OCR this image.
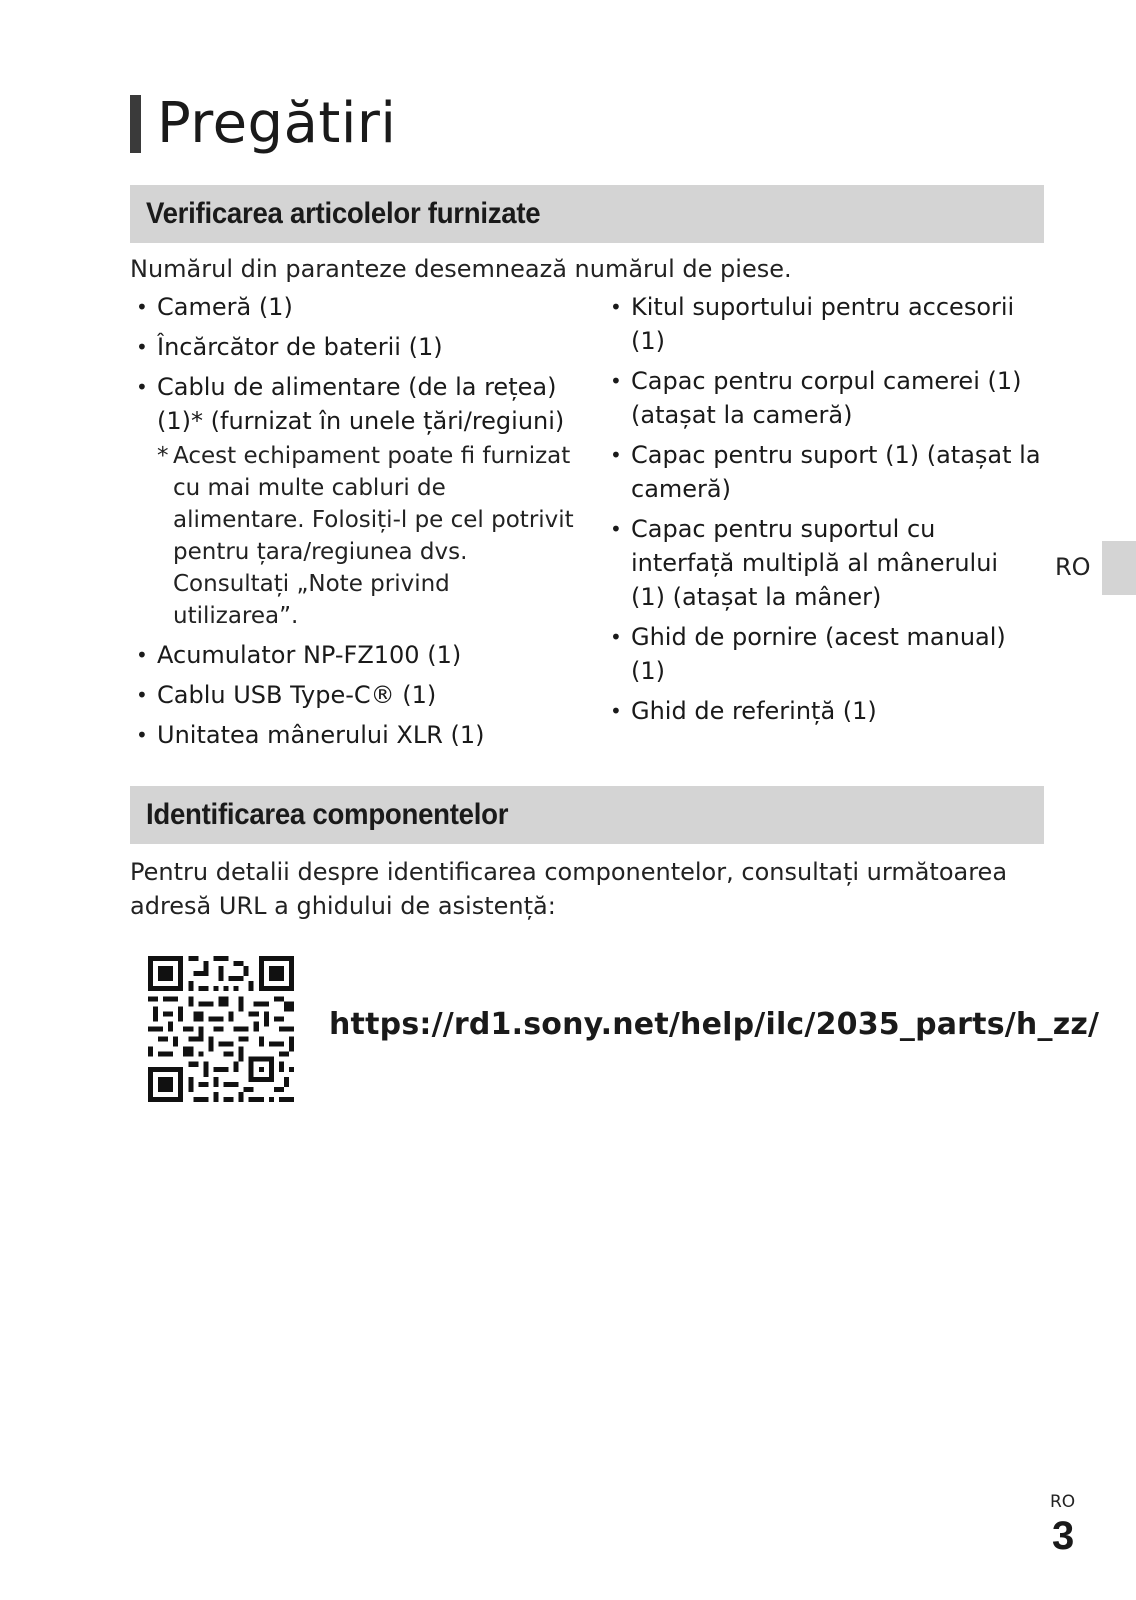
Pregătiri
Verificarea articolelor furnizate

Numărul din paranteze desemnează numărul de piese.

• Cameră (1)
• Încărcător de baterii (1)
• Cablu de alimentare (de la rețea) (1)* (furnizat în unele țări/regiuni)
* Acest echipament poate fi furnizat cu mai multe cabluri de alimentare. Folosiți-l pe cel potrivit pentru țara/regiunea dvs. Consultați „Note privind utilizarea”.
• Acumulator NP-FZ100 (1)
• Cablu USB Type-C® (1)
• Unitatea mânerului XLR (1)
• Kitul suportului pentru accesorii (1)
• Capac pentru corpul camerei (1) (atașat la cameră)
• Capac pentru suport (1) (atașat la cameră)
• Capac pentru suportul cu interfață multiplă al mânerului (1) (atașat la mâner)
• Ghid de pornire (acest manual) (1)
• Ghid de referință (1)
RO
Identificarea componentelor

Pentru detalii despre identificarea componentelor, consultați următoarea adresă URL a ghidului de asistență:

https://rd1.sony.net/help/ilc/2035_parts/h_zz/
RO
3
